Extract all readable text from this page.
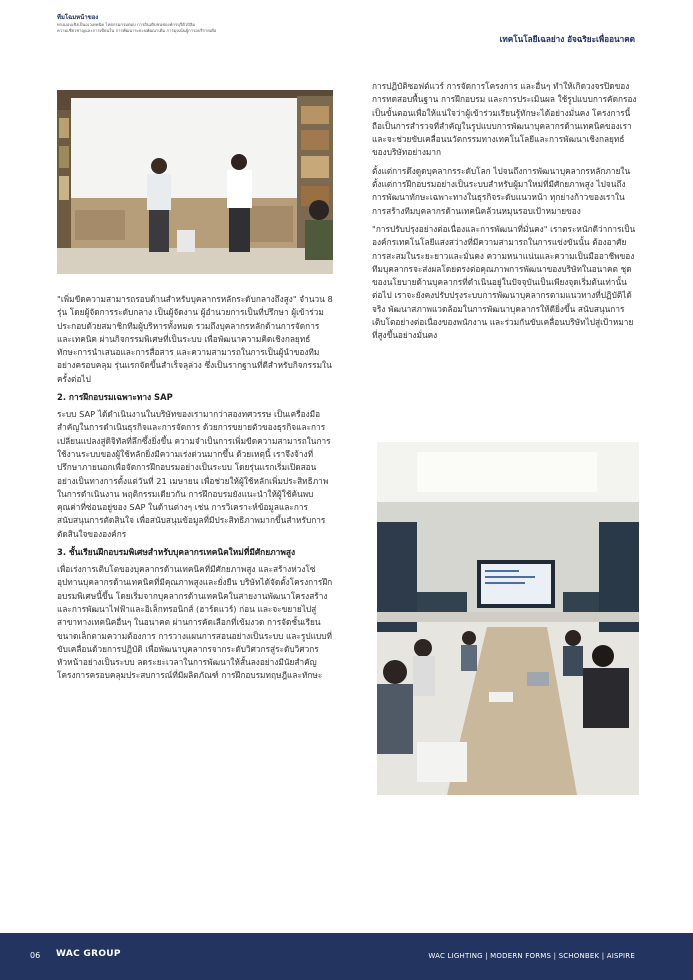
ทีมโฉมหน้าของ
ทรงมอบเชิงเป็นอเวเทคนิค ไทยกรมกรมตอบ การอินเติบชนชองค์กรบุรีตัวบิลิม
ความเชี่ยวชาญและการเขียนใน การพัฒนาระยะนพัฒนาเดิม การมุ่งเน้นผู้การอบรีรายเดือ
เทคโนโลยีเฉลย่าง อัจฉริยะเพื่ออนาคต

"เพิ่มขีดความสามารถรอบด้านสำหรับบุคลากรหลักระดับกลางถึงสูง" จำนวน 8 รุ่น โดยผู้จัดการระดับกลาง เป็นผู้จัดงาน ผู้อำนวยการเป็นที่ปรึกษา ผู้เข้าร่วมประกอบด้วยสมาชิกทีมผู้บริหารทั้งหมด รวมถึงบุคลากรหลักด้านการจัดการและเทคนิค ผ่านกิจกรรมพิเศษที่เป็นระบบ เพื่อพัฒนาความคิดเชิงกลยุทธ์ ทักษะการนำเสนอและการสื่อสาร และความสามารถในการเป็นผู้นำของทีมอย่างครอบคลุม รุ่นแรกจัดขึ้นสำเร็จลุล่วง ซึ่งเป็นรากฐานที่ดีสำหรับกิจกรรมในครั้งต่อไป

2. การฝึกอบรมเฉพาะทาง SAP

ระบบ SAP ได้ดำเนินงานในบริษัทของเรามากว่าสองทศวรรษ เป็นเครื่องมือสำคัญในการดำเนินธุรกิจและการจัดการ ด้วยการขยายตัวของธุรกิจและการเปลี่ยนแปลงสู่ดิจิทัลที่ลึกซึ้งยิ่งขึ้น ความจำเป็นการเพิ่มขีดความสามารถในการใช้งานระบบของผู้ใช้หลักยิ่งมีความเร่งด่วนมากขึ้น ด้วยเหตุนี้ เราจึงจ้างที่ปรึกษาภายนอกเพื่อจัดการฝึกอบรมอย่างเป็นระบบ โดยรุ่นแรกเริ่มเปิดสอนอย่างเป็นทางการตั้งแต่วันที่ 21 เมษายน เพื่อช่วยให้ผู้ใช้หลักเพิ่มประสิทธิภาพในการดำเนินงาน พฤติกรรมเดียวกัน การฝึกอบรมยังแนะนำให้ผู้ใช้ค้นพบคุณค่าที่ซ่อนอยู่ของ SAP ในด้านต่างๆ เช่น การวิเคราะห์ข้อมูลและการสนับสนุนการตัดสินใจ เพื่อสนับสนุนข้อมูลที่มีประสิทธิภาพมากขึ้นสำหรับการตัดสินใจขององค์กร

3. ชั้นเรียนฝึกอบรมพิเศษสำหรับบุคลากรเทคนิคใหม่ที่มีศักยภาพสูง

เพื่อเร่งการเติบโตของบุคลากรด้านเทคนิคที่มีศักยภาพสูง และสร้างห่วงโซ่อุปทานบุคลากรด้านเทคนิคที่มีคุณภาพสูงและยั่งยืน บริษัทได้จัดตั้งโครงการฝึกอบรมพิเศษนี้ขึ้น โดยเริ่มจากบุคลากรด้านเทคนิคในสายงานพัฒนาโครงสร้างและการพัฒนาไฟฟ้าและอิเล็กทรอนิกส์ (ฮาร์ดแวร์) ก่อน และจะขยายไปสู่สาขาทางเทคนิคอื่นๆ ในอนาคต ผ่านการคัดเลือกที่เข้มงวด การจัดชั้นเรียนขนาดเล็กตามความต้องการ การวางแผนการสอนอย่างเป็นระบบ และรูปแบบที่ขับเคลื่อนด้วยการปฏิบัติ เพื่อพัฒนาบุคลากรจากระดับวิศวกรสู่ระดับวิศวกรหัวหน้าอย่างเป็นระบบ ลดระยะเวลาในการพัฒนาให้สั้นลงอย่างมีนัยสำคัญ โครงการครอบคลุมประสบการณ์ที่มีผลิตภัณฑ์ การฝึกอบรมทฤษฎีและทักษะ

การปฏิบัติซอฟต์แวร์ การจัดการโครงการ และอื่นๆ ทำให้เกิดวงจรปิดของการทดสอบพื้นฐาน การฝึกอบรม และการประเมินผล ใช้รูปแบบการคัดกรองเป็นขั้นตอนเพื่อให้แน่ใจว่าผู้เข้าร่วมเรียนรู้ทักษะได้อย่างมั่นคง โครงการนี้ถือเป็นการสำรวจที่สำคัญในรูปแบบการพัฒนาบุคลากรด้านเทคนิคของเรา และจะช่วยขับเคลื่อนนวัตกรรมทางเทคโนโลยีและการพัฒนาเชิงกลยุทธ์ของบริษัทอย่างมาก

ตั้งแต่การดึงดูดบุคลากรระดับโลก ไปจนถึงการพัฒนาบุคลากรหลักภายใน ตั้งแต่การฝึกอบรมอย่างเป็นระบบสำหรับผู้มาใหม่ที่มีศักยภาพสูง ไปจนถึงการพัฒนาทักษะเฉพาะทางในธุรกิจระดับแนวหน้า ทุกย่างก้าวของเราในการสร้างทีมบุคลากรด้านเทคนิคล้วนหมุนรอบเป้าหมายของ

"การปรับปรุงอย่างต่อเนื่องและการพัฒนาที่มั่นคง" เราตระหนักดีว่าการเป็นองค์กรเทคโนโลยีแสงสว่างที่มีความสามารถในการแข่งขันนั้น ต้องอาศัยการสะสมในระยะยาวและมั่นคง ความหนาแน่นและความเป็นมืออาชีพของทีมบุคลากรจะส่งผลโดยตรงต่อคุณภาพการพัฒนาของบริษัทในอนาคต ชุดของนโยบายด้านบุคลากรที่ดำเนินอยู่ในปัจจุบันเป็นเพียงจุดเริ่มต้นเท่านั้น ต่อไป เราจะยังคงปรับปรุงระบบการพัฒนาบุคลากรตามแนวทางที่ปฏิบัติได้จริง พัฒนาสภาพแวดล้อมในการพัฒนาบุคลากรให้ดียิ่งขึ้น สนับสนุนการเติบโตอย่างต่อเนื่องของพนักงาน และร่วมกันขับเคลื่อนบริษัทไปสู่เป้าหมายที่สูงขึ้นอย่างมั่นคง

06 WAC GROUP	WAC LIGHTING | MODERN FORMS | SCHONBEK | AISPIRE
